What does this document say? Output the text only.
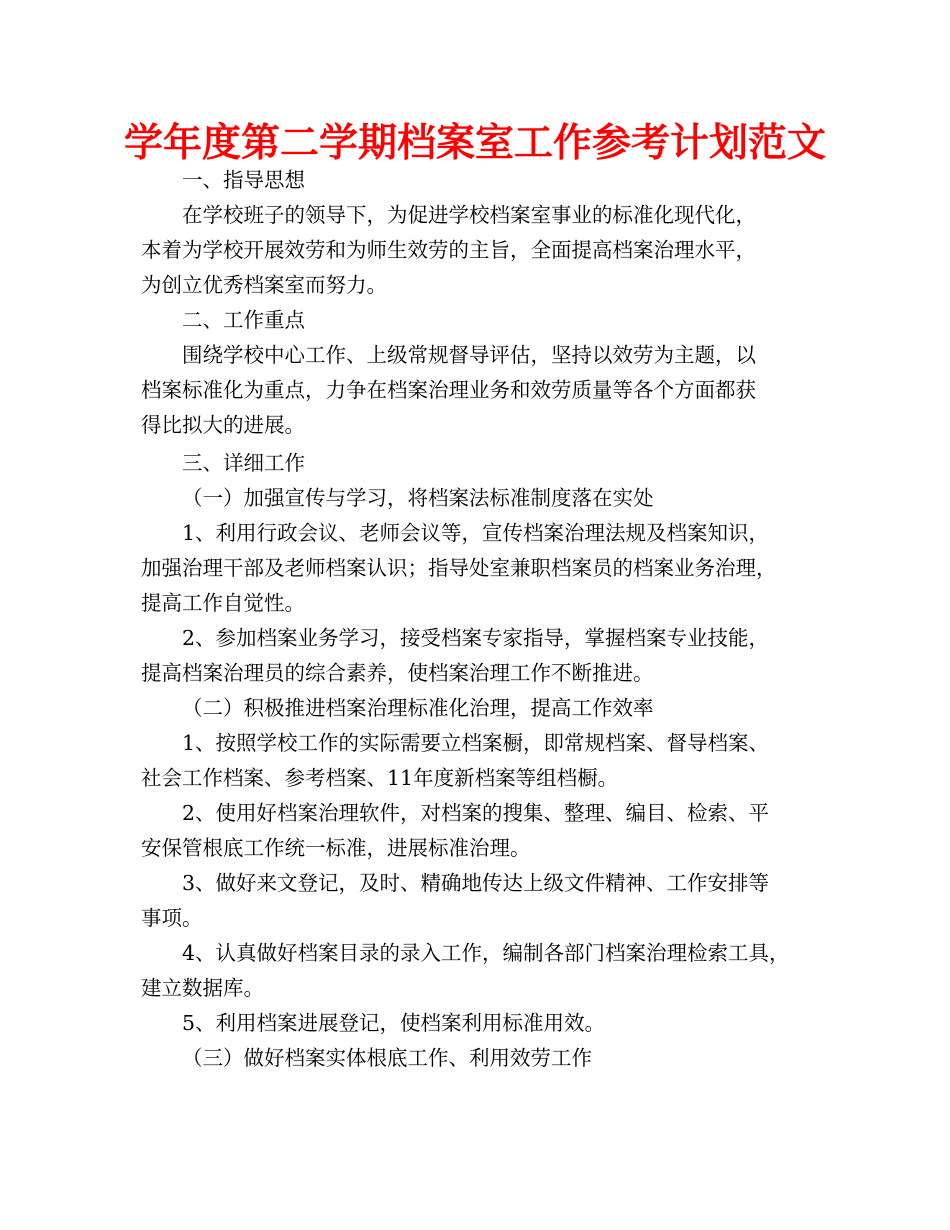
学年度第二学期档案室工作参考计划范文

一、指导思想

在学校班子的领导下，为促进学校档案室事业的标准化现代化，

本着为学校开展效劳和为师生效劳的主旨，全面提高档案治理水平，

为创立优秀档案室而努力。

二、工作重点

围绕学校中心工作、上级常规督导评估，坚持以效劳为主题，以

档案标准化为重点，力争在档案治理业务和效劳质量等各个方面都获

得比拟大的进展。

三、详细工作

（一）加强宣传与学习，将档案法标准制度落在实处

1、利用行政会议、老师会议等，宣传档案治理法规及档案知识，

加强治理干部及老师档案认识；指导处室兼职档案员的档案业务治理，

提高工作自觉性。

2、参加档案业务学习，接受档案专家指导，掌握档案专业技能，

提高档案治理员的综合素养，使档案治理工作不断推进。

（二）积极推进档案治理标准化治理，提高工作效率

1、按照学校工作的实际需要立档案橱，即常规档案、督导档案、

社会工作档案、参考档案、11年度新档案等组档橱。

2、使用好档案治理软件，对档案的搜集、整理、编目、检索、平

安保管根底工作统一标准，进展标准治理。

3、做好来文登记，及时、精确地传达上级文件精神、工作安排等

事项。

4、认真做好档案目录的录入工作，编制各部门档案治理检索工具，

建立数据库。

5、利用档案进展登记，使档案利用标准用效。

（三）做好档案实体根底工作、利用效劳工作
